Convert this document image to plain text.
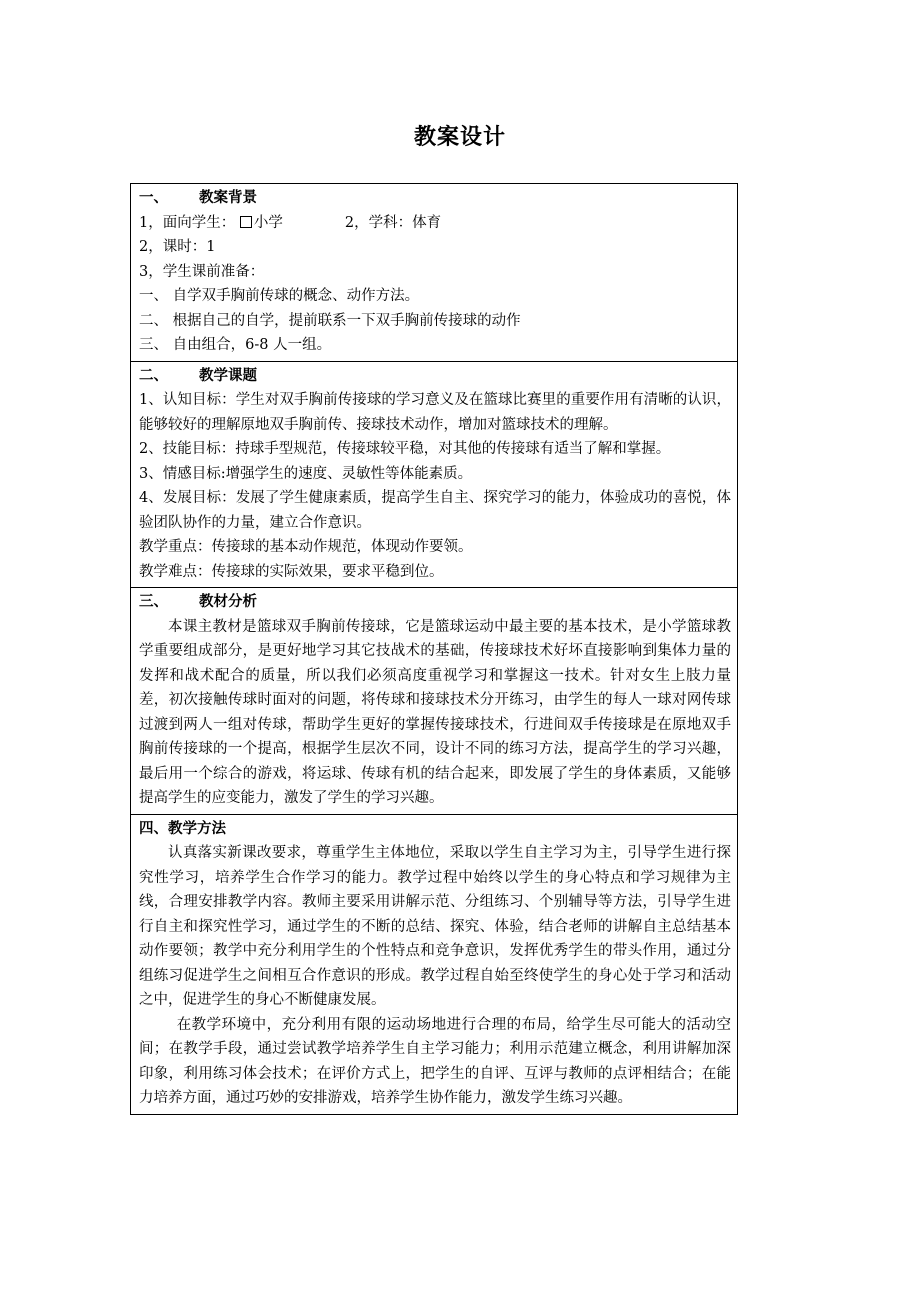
教案设计
一、 教案背景
1，面向学生： 小学	2，学科：体育
2，课时：1
3，学生课前准备：
一、 自学双手胸前传球的概念、动作方法。
二、 根据自己的自学，提前联系一下双手胸前传接球的动作
三、 自由组合，6-8 人一组。

二、 教学课题
1、认知目标：学生对双手胸前传接球的学习意义及在篮球比赛里的重要作用有清晰的认识，能够较好的理解原地双手胸前传、接球技术动作，增加对篮球技术的理解。
2、技能目标：持球手型规范，传接球较平稳，对其他的传接球有适当了解和掌握。
3、情感目标:增强学生的速度、灵敏性等体能素质。
4、发展目标：发展了学生健康素质，提高学生自主、探究学习的能力，体验成功的喜悦，体验团队协作的力量，建立合作意识。
教学重点：传接球的基本动作规范，体现动作要领。
教学难点：传接球的实际效果，要求平稳到位。

三、 教材分析
本课主教材是篮球双手胸前传接球，它是篮球运动中最主要的基本技术，是小学篮球教学重要组成部分，是更好地学习其它技战术的基础，传接球技术好坏直接影响到集体力量的发挥和战术配合的质量，所以我们必须高度重视学习和掌握这一技术。针对女生上肢力量差，初次接触传球时面对的问题，将传球和接球技术分开练习，由学生的每人一球对网传球过渡到两人一组对传球，帮助学生更好的掌握传接球技术，行进间双手传接球是在原地双手胸前传接球的一个提高，根据学生层次不同，设计不同的练习方法，提高学生的学习兴趣，最后用一个综合的游戏，将运球、传球有机的结合起来，即发展了学生的身体素质，又能够提高学生的应变能力，激发了学生的学习兴趣。

四、教学方法
认真落实新课改要求，尊重学生主体地位，采取以学生自主学习为主，引导学生进行探究性学习，培养学生合作学习的能力。教学过程中始终以学生的身心特点和学习规律为主线，合理安排教学内容。教师主要采用讲解示范、分组练习、个别辅导等方法，引导学生进行自主和探究性学习，通过学生的不断的总结、探究、体验，结合老师的讲解自主总结基本动作要领；教学中充分利用学生的个性特点和竞争意识，发挥优秀学生的带头作用，通过分组练习促进学生之间相互合作意识的形成。教学过程自始至终使学生的身心处于学习和活动之中，促进学生的身心不断健康发展。
在教学环境中，充分利用有限的运动场地进行合理的布局，给学生尽可能大的活动空间；在教学手段，通过尝试教学培养学生自主学习能力；利用示范建立概念，利用讲解加深印象，利用练习体会技术；在评价方式上，把学生的自评、互评与教师的点评相结合；在能力培养方面，通过巧妙的安排游戏，培养学生协作能力，激发学生练习兴趣。
